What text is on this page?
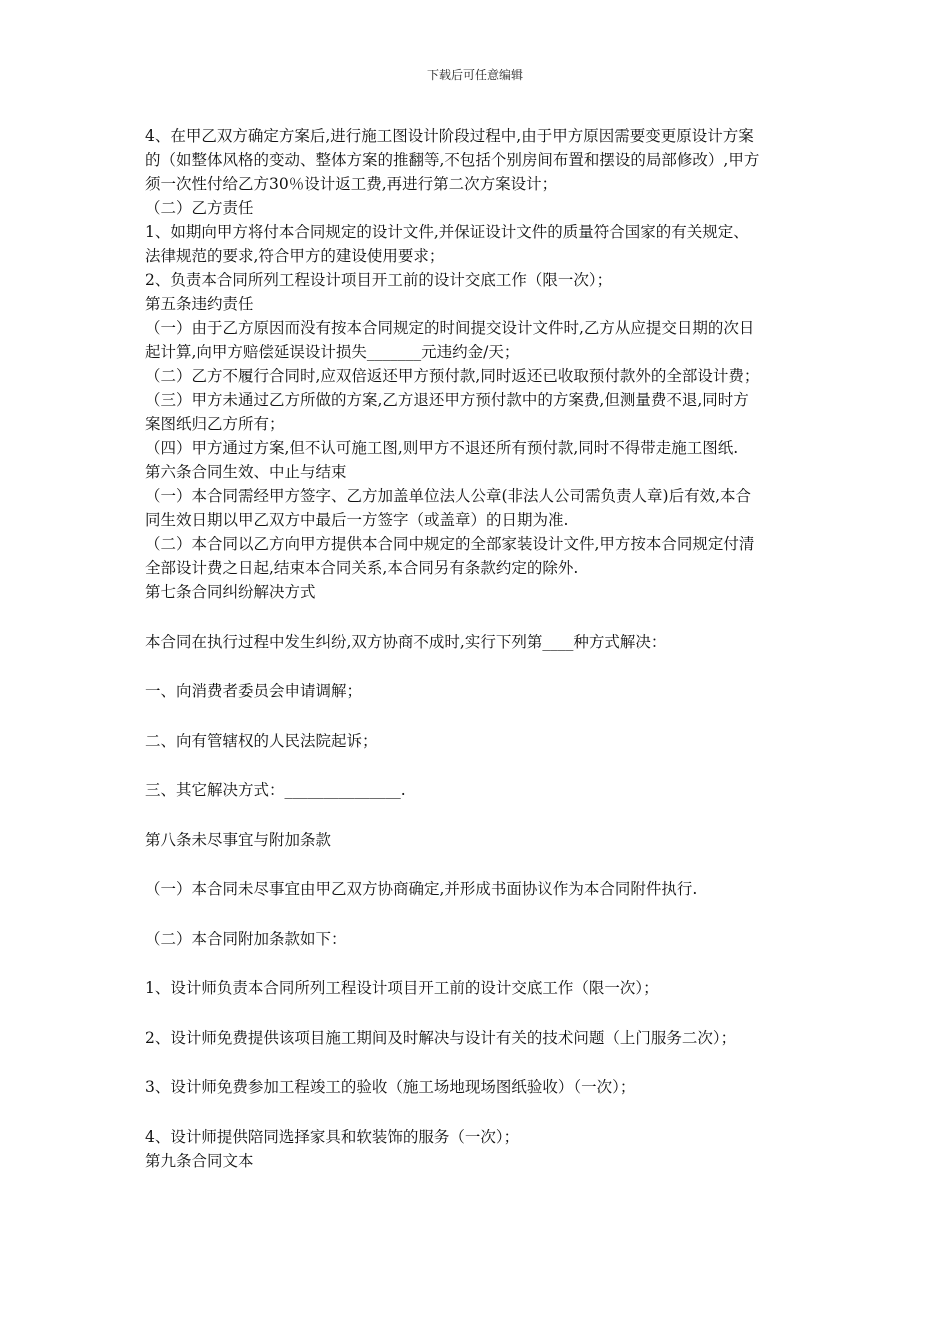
下载后可任意编辑
4、在甲乙双方确定方案后,进行施工图设计阶段过程中,由于甲方原因需要变更原设计方案
的（如整体风格的变动、整体方案的推翻等,不包括个别房间布置和摆设的局部修改）,甲方
须一次性付给乙方30％设计返工费,再进行第二次方案设计；
（二）乙方责任
1、如期向甲方将付本合同规定的设计文件,并保证设计文件的质量符合国家的有关规定、
法律规范的要求,符合甲方的建设使用要求；
2、负责本合同所列工程设计项目开工前的设计交底工作（限一次）；
第五条违约责任
（一）由于乙方原因而没有按本合同规定的时间提交设计文件时,乙方从应提交日期的次日
起计算,向甲方赔偿延误设计损失_______元违约金/天；
（二）乙方不履行合同时,应双倍返还甲方预付款,同时返还已收取预付款外的全部设计费；
（三）甲方未通过乙方所做的方案,乙方退还甲方预付款中的方案费,但测量费不退,同时方
案图纸归乙方所有；
（四）甲方通过方案,但不认可施工图,则甲方不退还所有预付款,同时不得带走施工图纸.
第六条合同生效、中止与结束
（一）本合同需经甲方签字、乙方加盖单位法人公章(非法人公司需负责人章)后有效,本合
同生效日期以甲乙双方中最后一方签字（或盖章）的日期为准.
（二）本合同以乙方向甲方提供本合同中规定的全部家装设计文件,甲方按本合同规定付清
全部设计费之日起,结束本合同关系,本合同另有条款约定的除外.
第七条合同纠纷解决方式
本合同在执行过程中发生纠纷,双方协商不成时,实行下列第____种方式解决：
一、向消费者委员会申请调解；
二、向有管辖权的人民法院起诉；
三、其它解决方式：_______________.
第八条未尽事宜与附加条款
（一）本合同未尽事宜由甲乙双方协商确定,并形成书面协议作为本合同附件执行.
（二）本合同附加条款如下：
1、设计师负责本合同所列工程设计项目开工前的设计交底工作（限一次）；
2、设计师免费提供该项目施工期间及时解决与设计有关的技术问题（上门服务二次）；
3、设计师免费参加工程竣工的验收（施工场地现场图纸验收）（一次）；
4、设计师提供陪同选择家具和软装饰的服务（一次）；
第九条合同文本
